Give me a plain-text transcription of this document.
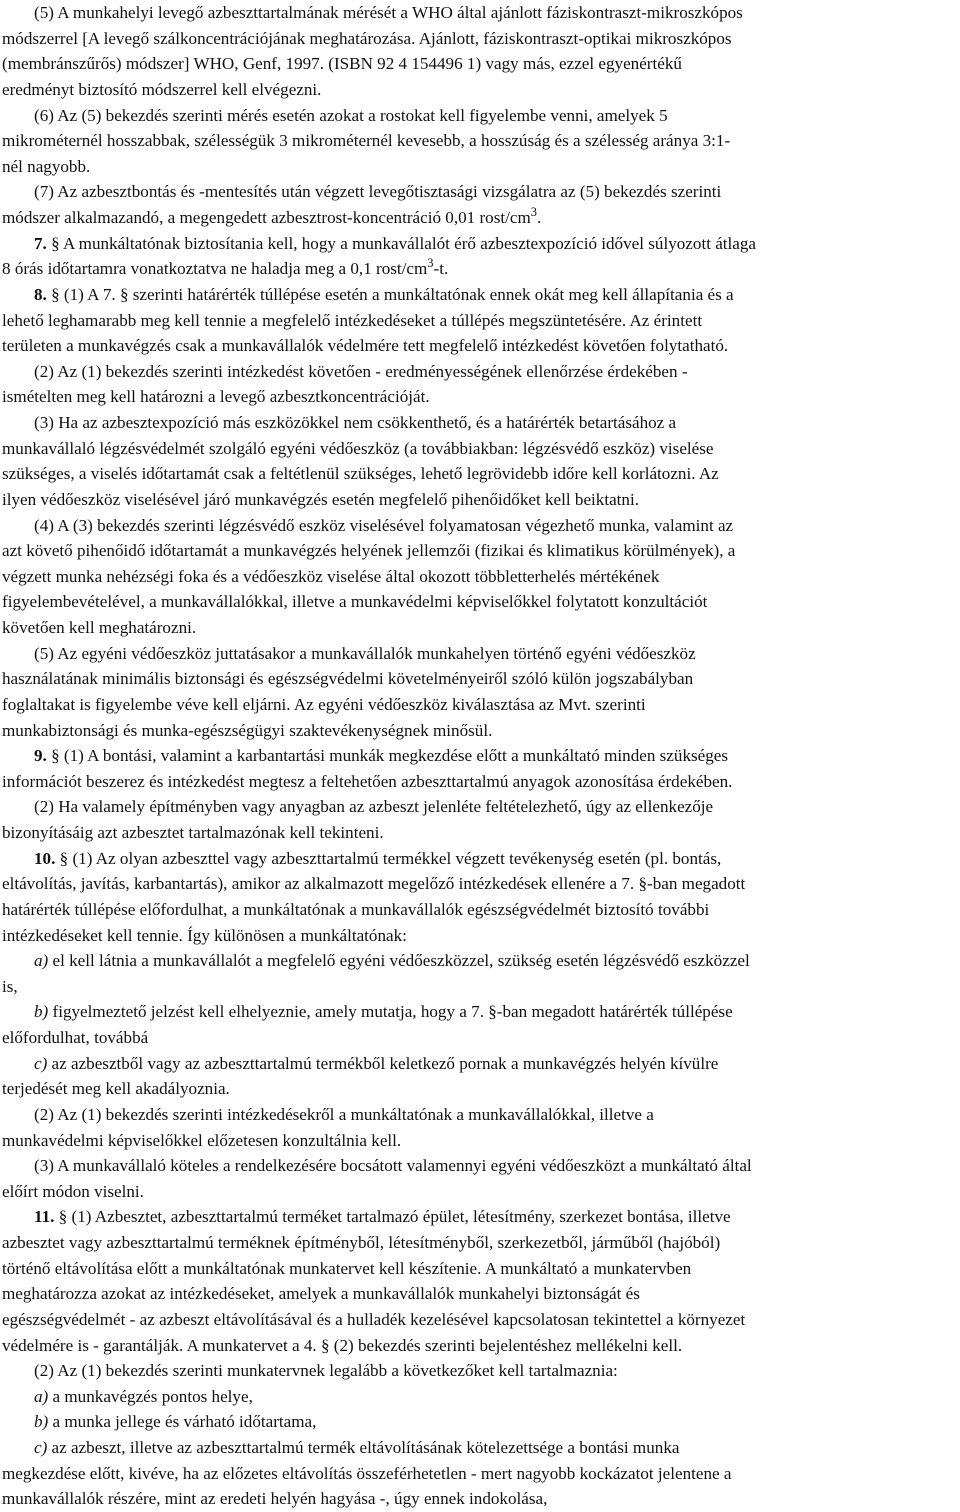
(5) A munkahelyi levegő azbeszttartalmának mérését a WHO által ajánlott fáziskontraszt-mikroszkópos
módszerrel [A levegő szálkoncentrációjának meghatározása. Ajánlott, fáziskontraszt-optikai mikroszkópos
(membránszűrős) módszer] WHO, Genf, 1997. (ISBN 92 4 154496 1) vagy más, ezzel egyenértékű
eredményt biztosító módszerrel kell elvégezni.
(6) Az (5) bekezdés szerinti mérés esetén azokat a rostokat kell figyelembe venni, amelyek 5
mikrométernél hosszabbak, szélességük 3 mikrométernél kevesebb, a hosszúság és a szélesség aránya 3:1-
nél nagyobb.
(7) Az azbesztbontás és -mentesítés után végzett levegőtisztasági vizsgálatra az (5) bekezdés szerinti
módszer alkalmazandó, a megengedett azbesztrost-koncentráció 0,01 rost/$cm^3$.
7. § A munkáltatónak biztosítania kell, hogy a munkavállalót érő azbesztexpozíció idővel súlyozott átlaga
8 órás időtartamra vonatkoztatva ne haladja meg a 0,1 rost/$cm^3-t$.
8. § (1) A 7. § szerinti határérték túllépése esetén a munkáltatónak ennek okát meg kell állapítania és a
lehető leghamarabb meg kell tennie a megfelelő intézkedéseket a túllépés megszüntetésére. Az érintett
területen a munkavégzés csak a munkavállalók védelmére tett megfelelő intézkedést követően folytatható.
(2) Az (1) bekezdés szerinti intézkedést követően - eredményességének ellenőrzése érdekében -
ismételten meg kell határozni a levegő azbesztkoncentrációját.
(3) Ha az azbesztexpozíció más eszközökkel nem csökkenthető, és a határérték betartásához a
munkavállaló légzésvédelmét szolgáló egyéni védőeszköz (a továbbiakban: légzésvédő eszköz) viselése
szükséges, a viselés időtartamát csak a feltétlenül szükséges, lehető legrövidebb időre kell korlátozni. Az
ilyen védőeszköz viselésével járó munkavégzés esetén megfelelő pihenőidőket kell beiktatni.
(4) A (3) bekezdés szerinti légzésvédő eszköz viselésével folyamatosan végezhető munka, valamint az
azt követő pihenőidő időtartamát a munkavégzés helyének jellemzői (fizikai és klimatikus körülmények), a
végzett munka nehézségi foka és a védőeszköz viselése által okozott többletterhelés mértékének
figyelembevételével, a munkavállalókkal, illetve a munkavédelmi képviselőkkel folytatott konzultációt
követően kell meghatározni.
(5) Az egyéni védőeszköz juttatásakor a munkavállalók munkahelyen történő egyéni védőeszköz
használatának minimális biztonsági és egészségvédelmi követelményeiről szóló külön jogszabályban
foglaltakat is figyelembe véve kell eljárni. Az egyéni védőeszköz kiválasztása az Mvt. szerinti
munkabiztonsági és munka-egészségügyi szaktevékenységnek minősül.
9. § (1) A bontási, valamint a karbantartási munkák megkezdése előtt a munkáltató minden szükséges
információt beszerez és intézkedést megtesz a feltehetően azbeszttartalmú anyagok azonosítása érdekében.
(2) Ha valamely építményben vagy anyagban az azbeszt jelenléte feltételezhető, úgy az ellenkezője
bizonyításáig azt azbesztet tartalmazónak kell tekinteni.
10. § (1) Az olyan azbeszttel vagy azbeszttartalmú termékkel végzett tevékenység esetén (pl. bontás,
eltávolítás, javítás, karbantartás), amikor az alkalmazott megelőző intézkedések ellenére a 7. §-ban megadott
határérték túllépése előfordulhat, a munkáltatónak a munkavállalók egészségvédelmét biztosító további
intézkedéseket kell tennie. Így különösen a munkáltatónak:
a) el kell látnia a munkavállalót a megfelelő egyéni védőeszközzel, szükség esetén légzésvédő eszközzel
is,
b) figyelmeztető jelzést kell elhelyeznie, amely mutatja, hogy a 7. §-ban megadott határérték túllépése
előfordulhat, továbbá
c) az azbesztből vagy az azbeszttartalmú termékből keletkező pornak a munkavégzés helyén kívülre
terjedését meg kell akadályoznia.
(2) Az (1) bekezdés szerinti intézkedésekről a munkáltatónak a munkavállalókkal, illetve a
munkavédelmi képviselőkkel előzetesen konzultálnia kell.
(3) A munkavállaló köteles a rendelkezésére bocsátott valamennyi egyéni védőeszközt a munkáltató által
előírt módon viselni.
11. § (1) Azbesztet, azbeszttartalmú terméket tartalmazó épület, létesítmény, szerkezet bontása, illetve
azbesztet vagy azbeszttartalmú terméknek építményből, létesítményből, szerkezetből, járműből (hajóból)
történő eltávolítása előtt a munkáltatónak munkatervet kell készítenie. A munkáltató a munkatervben
meghatározza azokat az intézkedéseket, amelyek a munkavállalók munkahelyi biztonságát és
egészségvédelmét - az azbeszt eltávolításával és a hulladék kezelésével kapcsolatosan tekintettel a környezet
védelmére is - garantálják. A munkatervet a 4. § (2) bekezdés szerinti bejelentéshez mellékelni kell.
(2) Az (1) bekezdés szerinti munkatervnek legalább a következőket kell tartalmaznia:
a) a munkavégzés pontos helye,
b) a munka jellege és várható időtartama,
c) az azbeszt, illetve az azbeszttartalmú termék eltávolításának kötelezettsége a bontási munka
megkezdése előtt, kivéve, ha az előzetes eltávolítás összeférhetetlen - mert nagyobb kockázatot jelentene a
munkavállalók részére, mint az eredeti helyén hagyása -, úgy ennek indokolása,
